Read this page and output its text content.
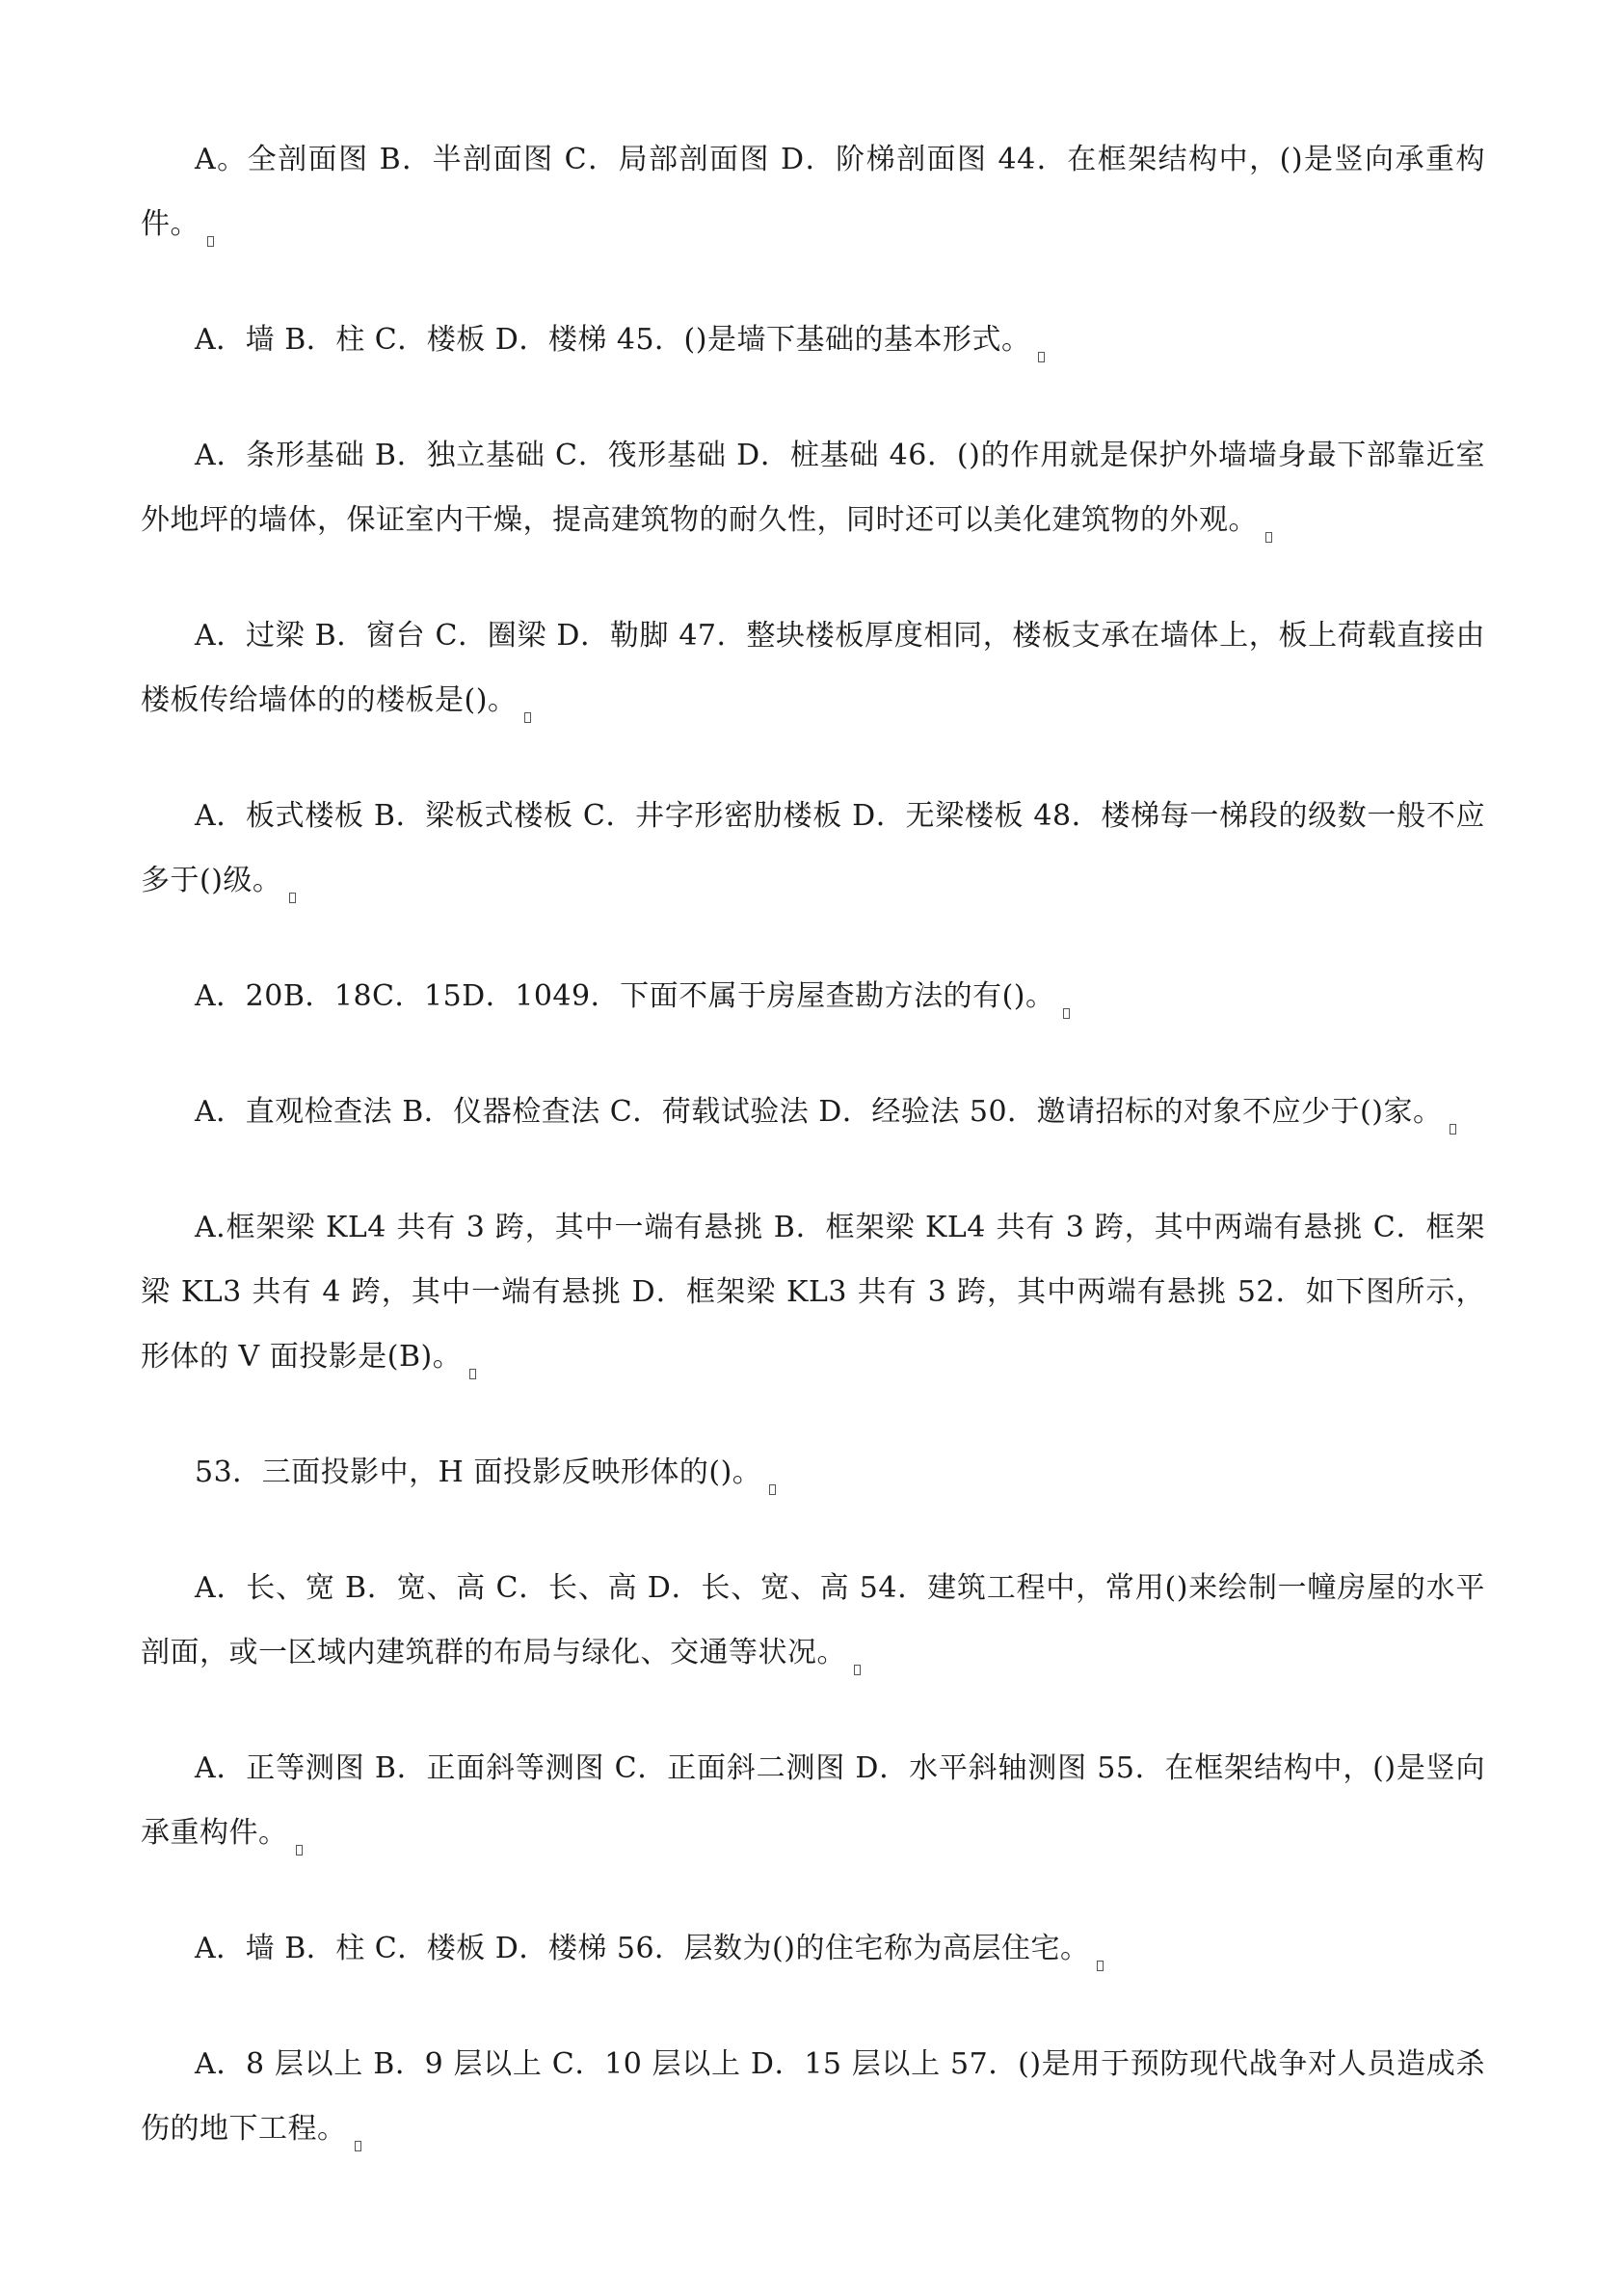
A。全剖面图 B．半剖面图 C．局部剖面图 D．阶梯剖面图 44．在框架结构中，()是竖向承重构件。

A．墙 B．柱 C．楼板 D．楼梯 45．()是墙下基础的基本形式。

A．条形基础 B．独立基础 C．筏形基础 D．桩基础 46．()的作用就是保护外墙墙身最下部靠近室外地坪的墙体，保证室内干燥，提高建筑物的耐久性，同时还可以美化建筑物的外观。

A．过梁 B．窗台 C．圈梁 D．勒脚 47．整块楼板厚度相同，楼板支承在墙体上，板上荷载直接由楼板传给墙体的的楼板是()。

A．板式楼板 B．梁板式楼板 C．井字形密肋楼板 D．无梁楼板 48．楼梯每一梯段的级数一般不应多于()级。

A．20B．18C．15D．1049．下面不属于房屋查勘方法的有()。

A．直观检查法 B．仪器检查法 C．荷载试验法 D．经验法 50．邀请招标的对象不应少于()家。

A.框架梁 KL4 共有 3 跨，其中一端有悬挑 B．框架梁 KL4 共有 3 跨，其中两端有悬挑 C．框架梁 KL3 共有 4 跨，其中一端有悬挑 D．框架梁 KL3 共有 3 跨，其中两端有悬挑 52．如下图所示，形体的 V 面投影是(B)。

53．三面投影中，H 面投影反映形体的()。

A．长、宽 B．宽、高 C．长、高 D．长、宽、高 54．建筑工程中，常用()来绘制一幢房屋的水平剖面，或一区域内建筑群的布局与绿化、交通等状况。

A．正等测图 B．正面斜等测图 C．正面斜二测图 D．水平斜轴测图 55．在框架结构中，()是竖向承重构件。

A．墙 B．柱 C．楼板 D．楼梯 56．层数为()的住宅称为高层住宅。

A．8 层以上 B．9 层以上 C．10 层以上 D．15 层以上 57．()是用于预防现代战争对人员造成杀伤的地下工程。
